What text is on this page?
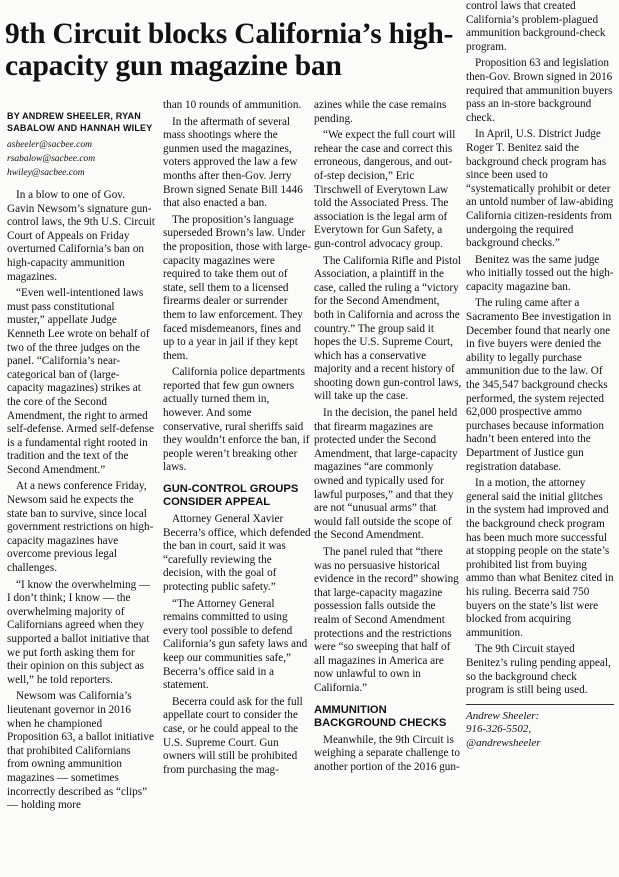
9th Circuit blocks California’s high-capacity gun magazine ban
BY ANDREW SHEELER, RYAN SABALOW AND HANNAH WILEY
asheeler@sacbee.com
rsabalow@sacbee.com
hwiley@sacbee.com

In a blow to one of Gov. Gavin Newsom’s signature gun-control laws, the 9th U.S. Circuit Court of Appeals on Friday overturned California’s ban on high-capacity ammunition magazines.

“Even well-intentioned laws must pass constitutional muster,” appellate Judge Kenneth Lee wrote on behalf of two of the three judges on the panel. “California’s near-categorical ban of (large-capacity magazines) strikes at the core of the Second Amendment, the right to armed self-defense. Armed self-defense is a fundamental right rooted in tradition and the text of the Second Amendment.”

At a news conference Friday, Newsom said he expects the state ban to survive, since local government restrictions on high-capacity magazines have overcome previous legal challenges.

“I know the overwhelming — I don’t think; I know — the overwhelming majority of Californians agreed when they supported a ballot initiative that we put forth asking them for their opinion on this subject as well,” he told reporters.

Newsom was California’s lieutenant governor in 2016 when he championed Proposition 63, a ballot initiative that prohibited Californians from owning ammunition magazines — sometimes incorrectly described as “clips” — holding more

than 10 rounds of ammunition.

In the aftermath of several mass shootings where the gunmen used the magazines, voters approved the law a few months after then-Gov. Jerry Brown signed Senate Bill 1446 that also enacted a ban.

The proposition’s language superseded Brown’s law. Under the proposition, those with large-capacity magazines were required to take them out of state, sell them to a licensed firearms dealer or surrender them to law enforcement. They faced misdemeanors, fines and up to a year in jail if they kept them.

California police departments reported that few gun owners actually turned them in, however. And some conservative, rural sheriffs said they wouldn’t enforce the ban, if people weren’t breaking other laws.

GUN-CONTROL GROUPS CONSIDER APPEAL

Attorney General Xavier Becerra’s office, which defended the ban in court, said it was “carefully reviewing the decision, with the goal of protecting public safety.”

“The Attorney General remains committed to using every tool possible to defend California’s gun safety laws and keep our communities safe,” Becerra’s office said in a statement.

Becerra could ask for the full appellate court to consider the case, or he could appeal to the U.S. Supreme Court. Gun owners will still be prohibited from purchasing the mag-

azines while the case remains pending.

“We expect the full court will rehear the case and correct this erroneous, dangerous, and out-of-step decision,” Eric Tirschwell of Everytown Law told the Associated Press. The association is the legal arm of Everytown for Gun Safety, a gun-control advocacy group.

The California Rifle and Pistol Association, a plaintiff in the case, called the ruling a “victory for the Second Amendment, both in California and across the country.” The group said it hopes the U.S. Supreme Court, which has a conservative majority and a recent history of shooting down gun-control laws, will take up the case.

In the decision, the panel held that firearm magazines are protected under the Second Amendment, that large-capacity magazines “are commonly owned and typically used for lawful purposes,” and that they are not “unusual arms” that would fall outside the scope of the Second Amendment.

The panel ruled that “there was no persuasive historical evidence in the record” showing that large-capacity magazine possession falls outside the realm of Second Amendment protections and the restrictions were “so sweeping that half of all magazines in America are now unlawful to own in California.”

AMMUNITION BACKGROUND CHECKS

Meanwhile, the 9th Circuit is weighing a separate challenge to another portion of the 2016 gun-

control laws that created California’s problem-plagued ammunition background-check program.

Proposition 63 and legislation then-Gov. Brown signed in 2016 required that ammunition buyers pass an in-store background check.

In April, U.S. District Judge Roger T. Benitez said the background check program has since been used to “systematically prohibit or deter an untold number of law-abiding California citizen-residents from undergoing the required background checks.”

Benitez was the same judge who initially tossed out the high-capacity magazine ban.

The ruling came after a Sacramento Bee investigation in December found that nearly one in five buyers were denied the ability to legally purchase ammunition due to the law. Of the 345,547 background checks performed, the system rejected 62,000 prospective ammo purchases because information hadn’t been entered into the Department of Justice gun registration database.

In a motion, the attorney general said the initial glitches in the system had improved and the background check program has been much more successful at stopping people on the state’s prohibited list from buying ammo than what Benitez cited in his ruling. Becerra said 750 buyers on the state’s list were blocked from acquiring ammunition.

The 9th Circuit stayed Benitez’s ruling pending appeal, so the background check program is still being used.

Andrew Sheeler:
916-326-5502,
@andrewsheeler
